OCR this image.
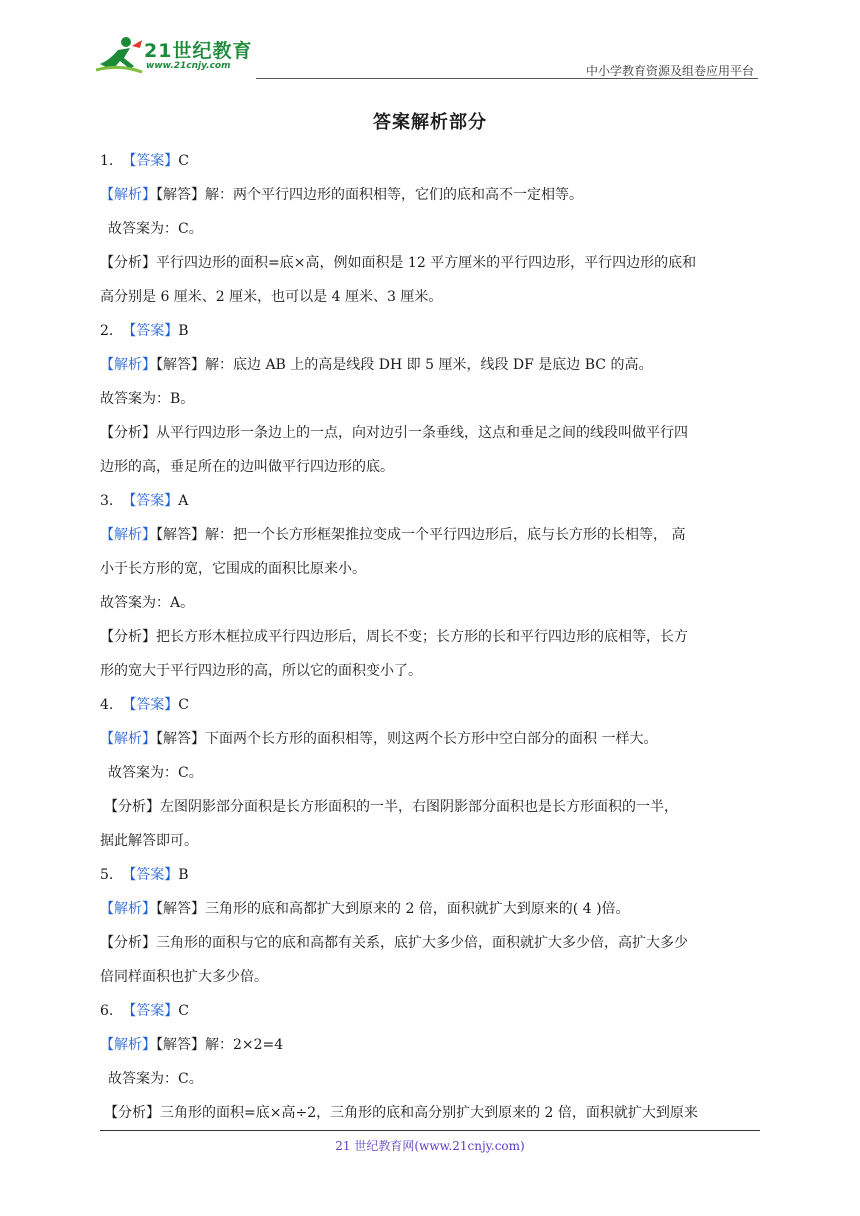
21世纪教育
www.21cnjy.com	中小学教育资源及组卷应用平台
答案解析部分
1. 【答案】C
【解析】【解答】解：两个平行四边形的面积相等，它们的底和高不一定相等。
故答案为：C。
【分析】平行四边形的面积=底×高，例如面积是 12 平方厘米的平行四边形，平行四边形的底和
高分别是 6 厘米、2 厘米，也可以是 4 厘米、3 厘米。
2. 【答案】B
【解析】【解答】解：底边 AB 上的高是线段 DH 即 5 厘米，线段 DF 是底边 BC 的高。
故答案为：B。
【分析】从平行四边形一条边上的一点，向对边引一条垂线，这点和垂足之间的线段叫做平行四
边形的高，垂足所在的边叫做平行四边形的底。
3. 【答案】A
【解析】【解答】解：把一个长方形框架推拉变成一个平行四边形后，底与长方形的长相等， 高
小于长方形的宽，它围成的面积比原来小。
故答案为：A。
【分析】把长方形木框拉成平行四边形后，周长不变；长方形的长和平行四边形的底相等，长方
形的宽大于平行四边形的高，所以它的面积变小了。
4. 【答案】C
【解析】【解答】下面两个长方形的面积相等，则这两个长方形中空白部分的面积 一样大。
故答案为：C。
【分析】左图阴影部分面积是长方形面积的一半，右图阴影部分面积也是长方形面积的一半，
据此解答即可。
5. 【答案】B
【解析】【解答】三角形的底和高都扩大到原来的 2 倍，面积就扩大到原来的( 4 )倍。
【分析】三角形的面积与它的底和高都有关系，底扩大多少倍，面积就扩大多少倍，高扩大多少
倍同样面积也扩大多少倍。
6. 【答案】C
【解析】【解答】解：2×2=4
故答案为：C。
【分析】三角形的面积=底×高÷2，三角形的底和高分别扩大到原来的 2 倍，面积就扩大到原来
21 世纪教育网(www.21cnjy.com)
